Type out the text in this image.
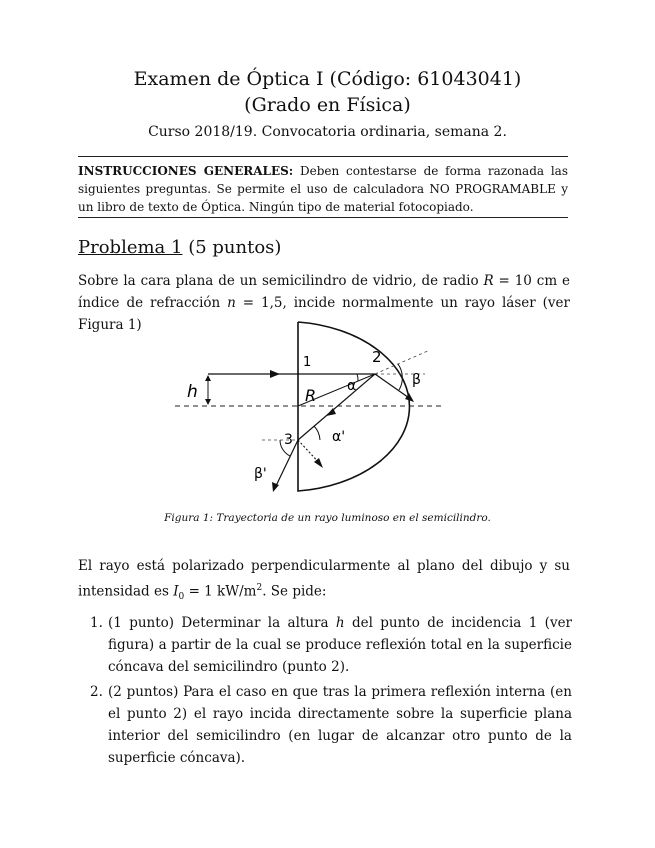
Examen de Óptica I (Código: 61043041)
(Grado en Física)
Curso 2018/19. Convocatoria ordinaria, semana 2.
INSTRUCCIONES GENERALES: Deben contestarse de forma razonada las siguientes preguntas. Se permite el uso de calculadora NO PROGRAMABLE y un libro de texto de Óptica. Ningún tipo de material fotocopiado.
Problema 1 (5 puntos)
Sobre la cara plana de un semicilindro de vidrio, de radio R = 10 cm e índice de refracción n = 1,5, incide normalmente un rayo láser (ver Figura 1)
1	2
3
h	R α	β
α'
β'
Figura 1: Trayectoria de un rayo luminoso en el semicilindro.
El rayo está polarizado perpendicularmente al plano del dibujo y su intensidad es $I_0 = 1$ $kW/m^2$. Se pide:
1. (1 punto) Determinar la altura h del punto de incidencia 1 (ver figura) a partir de la cual se produce reflexión total en la superficie cóncava del semicilindro (punto 2).
2. (2 puntos) Para el caso en que tras la primera reflexión interna (en el punto 2) el rayo incida directamente sobre la superficie plana interior del semicilindro (en lugar de alcanzar otro punto de la superficie cóncava).
